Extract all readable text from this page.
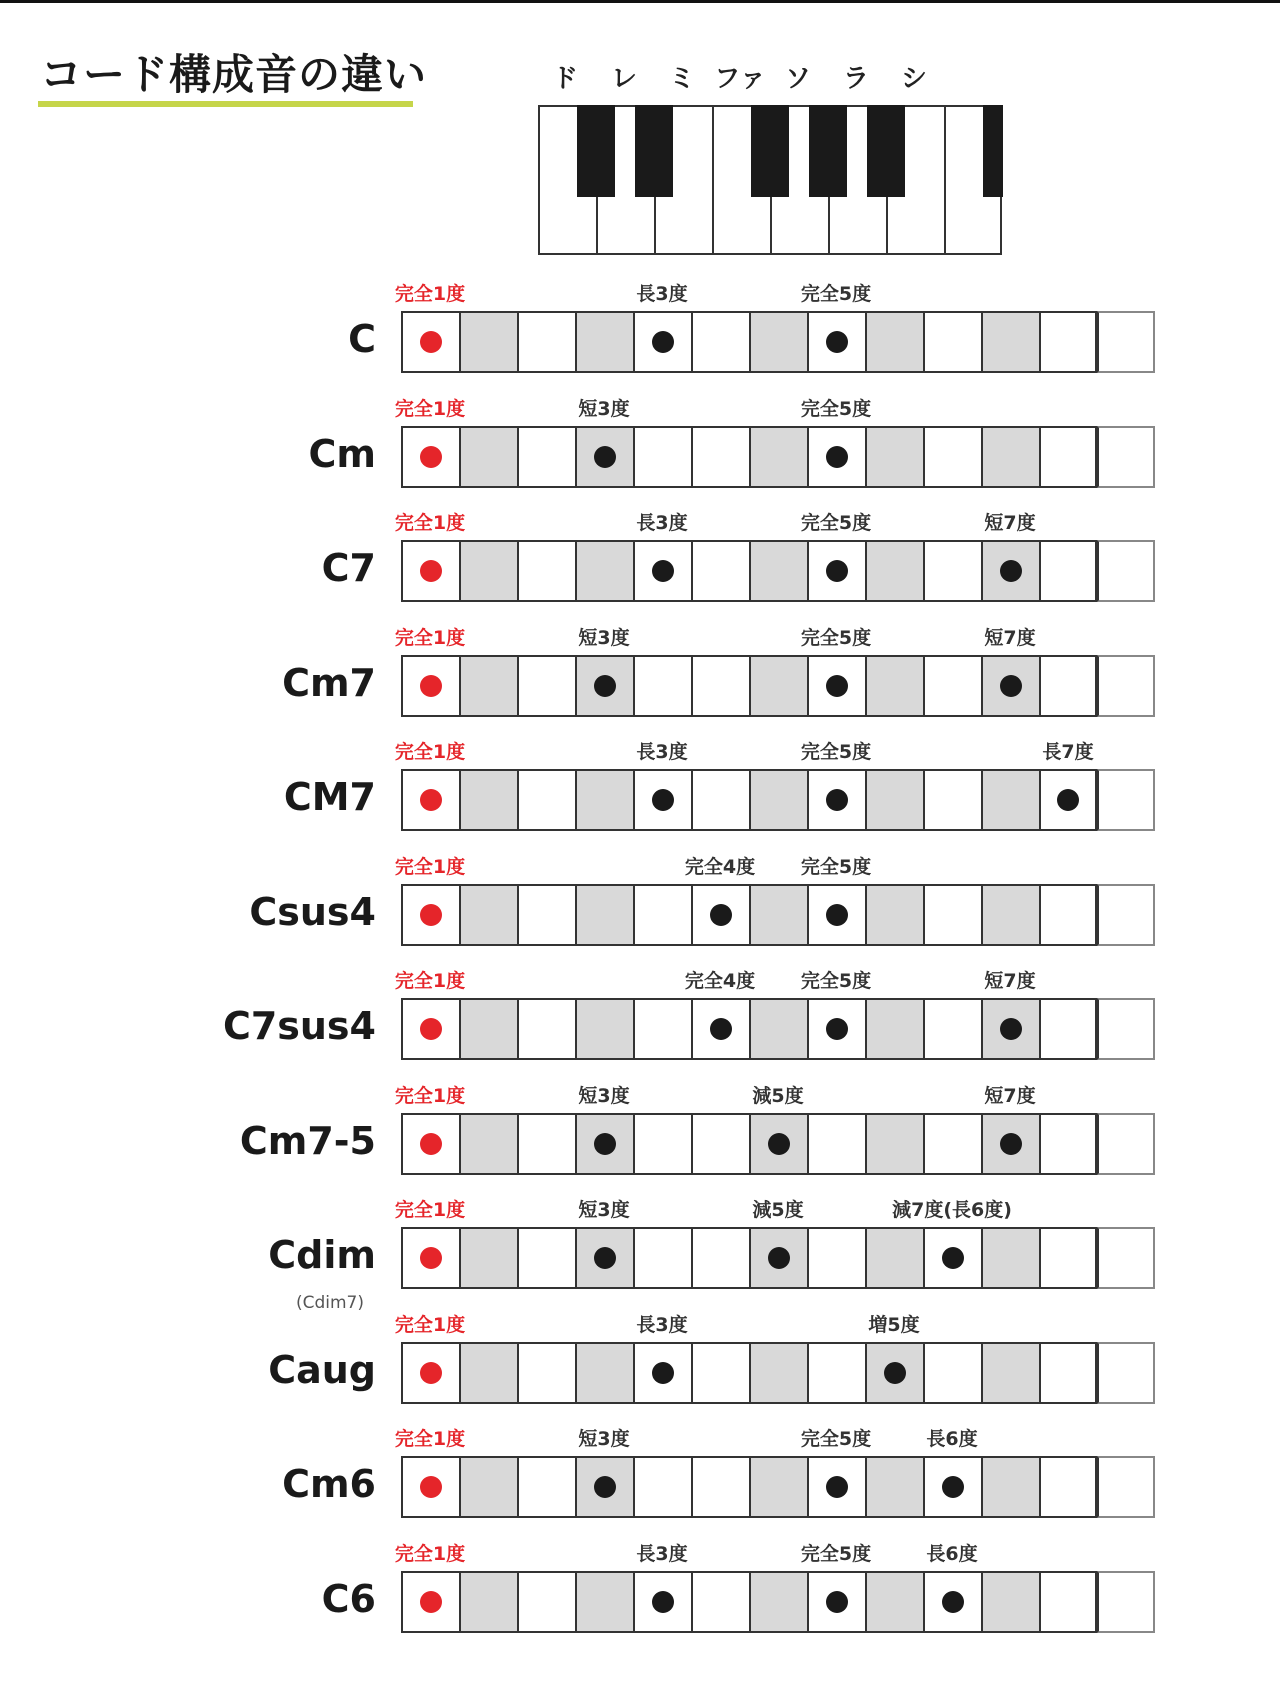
コード構成音の違い	ド レ ミ ファ ソ ラ シ
C
完全1度	長3度	完全5度
Cm
完全1度	短3度	完全5度
C7
完全1度	長3度	完全5度	短7度
Cm7
完全1度	短3度	完全5度	短7度
CM7
完全1度	長3度	完全5度	長7度
Csus4
完全1度	完全4度 完全5度
C7sus4
完全1度	完全4度 完全5度	短7度
Cm7-5
完全1度	短3度	減5度	短7度
Cdim
(Cdim7)
完全1度	短3度	減5度	減7度(長6度)
Caug
完全1度	長3度	増5度
Cm6
完全1度	短3度	完全5度	長6度
C6
完全1度	長3度	完全5度	長6度
